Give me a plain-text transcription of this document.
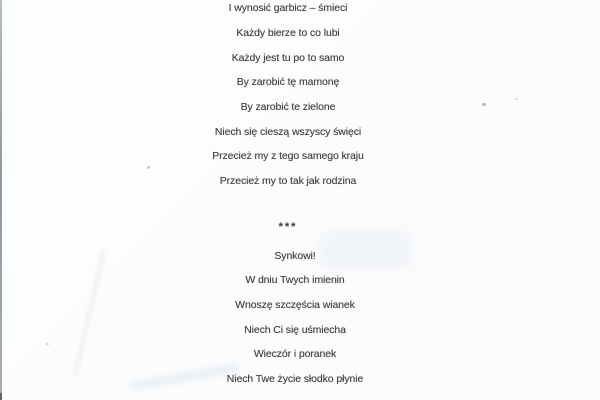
I wynosić garbicz – śmieci
Każdy bierze to co lubi
Każdy jest tu po to samo
By zarobić tę mamonę
By zarobić te zielone
Niech się cieszą wszyscy święci
Przecież my z tego samego kraju
Przecież my to tak jak rodzina
***
Synkowi!
W dniu Twych imienin
Wnoszę szczęścia wianek
Niech Ci się uśmiecha
Wieczór i poranek
Niech Twe życie słodko płynie
